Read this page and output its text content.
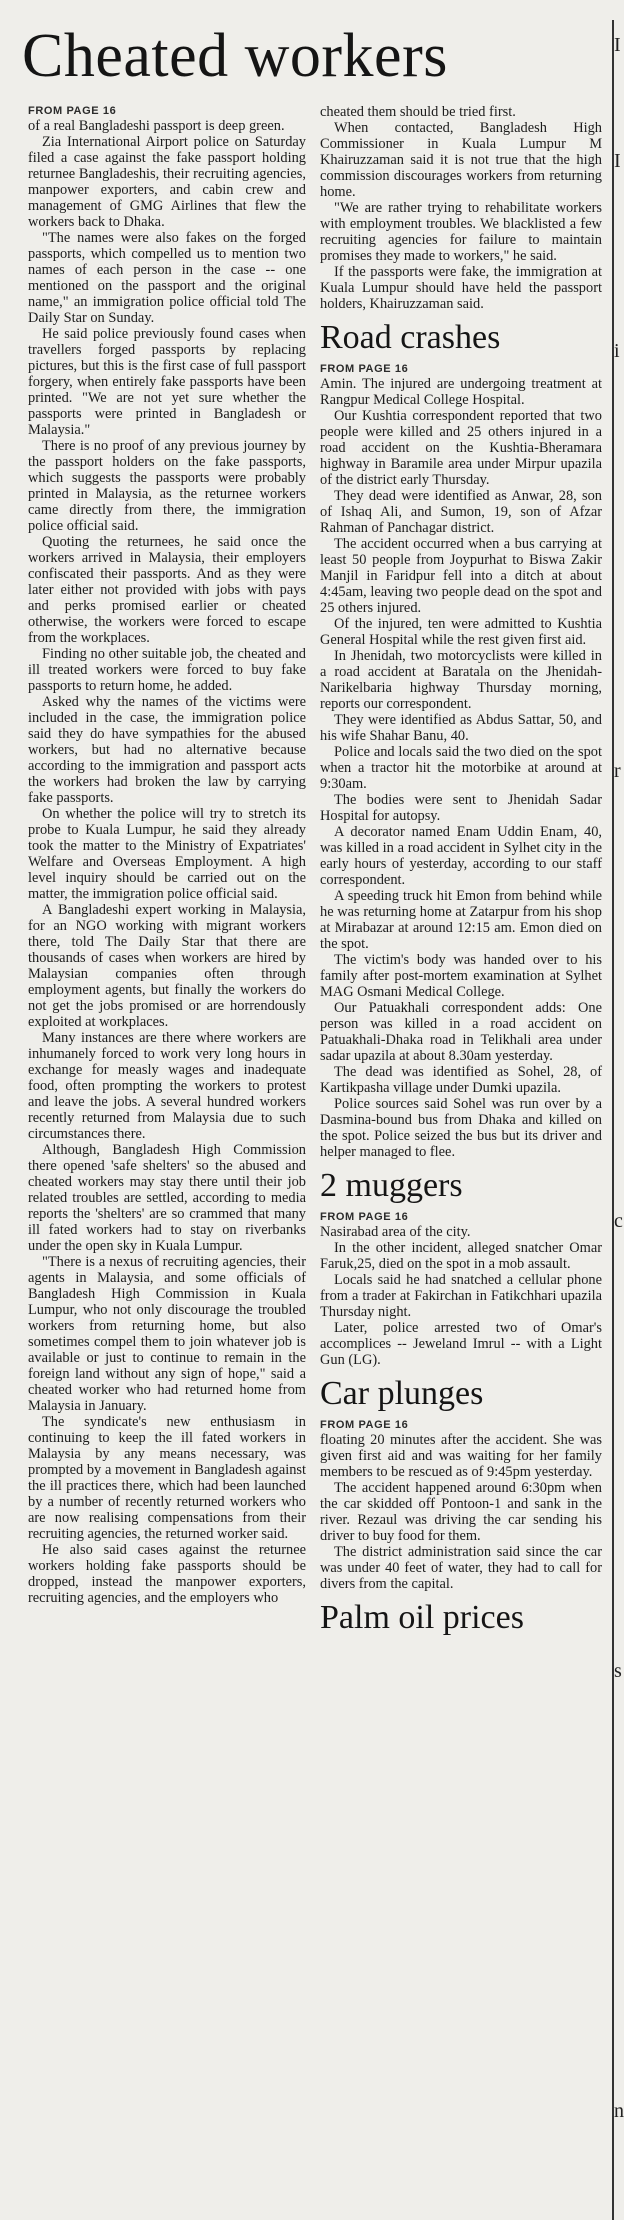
Cheated workers	I
I
i
r
c
s
n
FROM PAGE 16

of a real Bangladeshi passport is deep green.

Zia International Airport police on Saturday filed a case against the fake passport holding returnee Bangladeshis, their recruiting agencies, manpower exporters, and cabin crew and management of GMG Airlines that flew the workers back to Dhaka.

"The names were also fakes on the forged passports, which compelled us to mention two names of each person in the case -- one mentioned on the passport and the original name," an immigration police official told The Daily Star on Sunday.

He said police previously found cases when travellers forged passports by replacing pictures, but this is the first case of full passport forgery, when entirely fake passports have been printed. "We are not yet sure whether the passports were printed in Bangladesh or Malaysia."

There is no proof of any previous journey by the passport holders on the fake passports, which suggests the passports were probably printed in Malaysia, as the returnee workers came directly from there, the immigration police official said.

Quoting the returnees, he said once the workers arrived in Malaysia, their employers confiscated their passports. And as they were later either not provided with jobs with pays and perks promised earlier or cheated otherwise, the workers were forced to escape from the workplaces.

Finding no other suitable job, the cheated and ill treated workers were forced to buy fake passports to return home, he added.

Asked why the names of the victims were included in the case, the immigration police said they do have sympathies for the abused workers, but had no alternative because according to the immigration and passport acts the workers had broken the law by carrying fake passports.

On whether the police will try to stretch its probe to Kuala Lumpur, he said they already took the matter to the Ministry of Expatriates' Welfare and Overseas Employment. A high level inquiry should be carried out on the matter, the immigration police official said.

A Bangladeshi expert working in Malaysia, for an NGO working with migrant workers there, told The Daily Star that there are thousands of cases when workers are hired by Malaysian companies often through employment agents, but finally the workers do not get the jobs promised or are horrendously exploited at workplaces.

Many instances are there where workers are inhumanely forced to work very long hours in exchange for measly wages and inadequate food, often prompting the workers to protest and leave the jobs. A several hundred workers recently returned from Malaysia due to such circumstances there.

Although, Bangladesh High Commission there opened 'safe shelters' so the abused and cheated workers may stay there until their job related troubles are settled, according to media reports the 'shelters' are so crammed that many ill fated workers had to stay on riverbanks under the open sky in Kuala Lumpur.

"There is a nexus of recruiting agencies, their agents in Malaysia, and some officials of Bangladesh High Commission in Kuala Lumpur, who not only discourage the troubled workers from returning home, but also sometimes compel them to join whatever job is available or just to continue to remain in the foreign land without any sign of hope," said a cheated worker who had returned home from Malaysia in January.

The syndicate's new enthusiasm in continuing to keep the ill fated workers in Malaysia by any means necessary, was prompted by a movement in Bangladesh against the ill practices there, which had been launched by a number of recently returned workers who are now realising compensations from their recruiting agencies, the returned worker said.

He also said cases against the returnee workers holding fake passports should be dropped, instead the manpower exporters, recruiting agencies, and the employers who

cheated them should be tried first.

When contacted, Bangladesh High Commissioner in Kuala Lumpur M Khairuzzaman said it is not true that the high commission discourages workers from returning home.

"We are rather trying to rehabilitate workers with employment troubles. We blacklisted a few recruiting agencies for failure to maintain promises they made to workers," he said.

If the passports were fake, the immigration at Kuala Lumpur should have held the passport holders, Khairuzzaman said.

Road crashes
FROM PAGE 16

Amin. The injured are undergoing treatment at Rangpur Medical College Hospital.

Our Kushtia correspondent reported that two people were killed and 25 others injured in a road accident on the Kushtia-Bheramara highway in Baramile area under Mirpur upazila of the district early Thursday.

They dead were identified as Anwar, 28, son of Ishaq Ali, and Sumon, 19, son of Afzar Rahman of Panchagar district.

The accident occurred when a bus carrying at least 50 people from Joypurhat to Biswa Zakir Manjil in Faridpur fell into a ditch at about 4:45am, leaving two people dead on the spot and 25 others injured.

Of the injured, ten were admitted to Kushtia General Hospital while the rest given first aid.

In Jhenidah, two motorcyclists were killed in a road accident at Baratala on the Jhenidah-Narikelbaria highway Thursday morning, reports our correspondent.

They were identified as Abdus Sattar, 50, and his wife Shahar Banu, 40.

Police and locals said the two died on the spot when a tractor hit the motorbike at around at 9:30am.

The bodies were sent to Jhenidah Sadar Hospital for autopsy.

A decorator named Enam Uddin Enam, 40, was killed in a road accident in Sylhet city in the early hours of yesterday, according to our staff correspondent.

A speeding truck hit Emon from behind while he was returning home at Zatarpur from his shop at Mirabazar at around 12:15 am. Emon died on the spot.

The victim's body was handed over to his family after post-mortem examination at Sylhet MAG Osmani Medical College.

Our Patuakhali correspondent adds: One person was killed in a road accident on Patuakhali-Dhaka road in Telikhali area under sadar upazila at about 8.30am yesterday.

The dead was identified as Sohel, 28, of Kartikpasha village under Dumki upazila.

Police sources said Sohel was run over by a Dasmina-bound bus from Dhaka and killed on the spot. Police seized the bus but its driver and helper managed to flee.

2 muggers
FROM PAGE 16

Nasirabad area of the city.

In the other incident, alleged snatcher Omar Faruk,25, died on the spot in a mob assault.

Locals said he had snatched a cellular phone from a trader at Fakirchan in Fatikchhari upazila Thursday night.

Later, police arrested two of Omar's accomplices -- Jeweland Imrul -- with a Light Gun (LG).

Car plunges
FROM PAGE 16

floating 20 minutes after the accident. She was given first aid and was waiting for her family members to be rescued as of 9:45pm yesterday.

The accident happened around 6:30pm when the car skidded off Pontoon-1 and sank in the river. Rezaul was driving the car sending his driver to buy food for them.

The district administration said since the car was under 40 feet of water, they had to call for divers from the capital.

Palm oil prices
